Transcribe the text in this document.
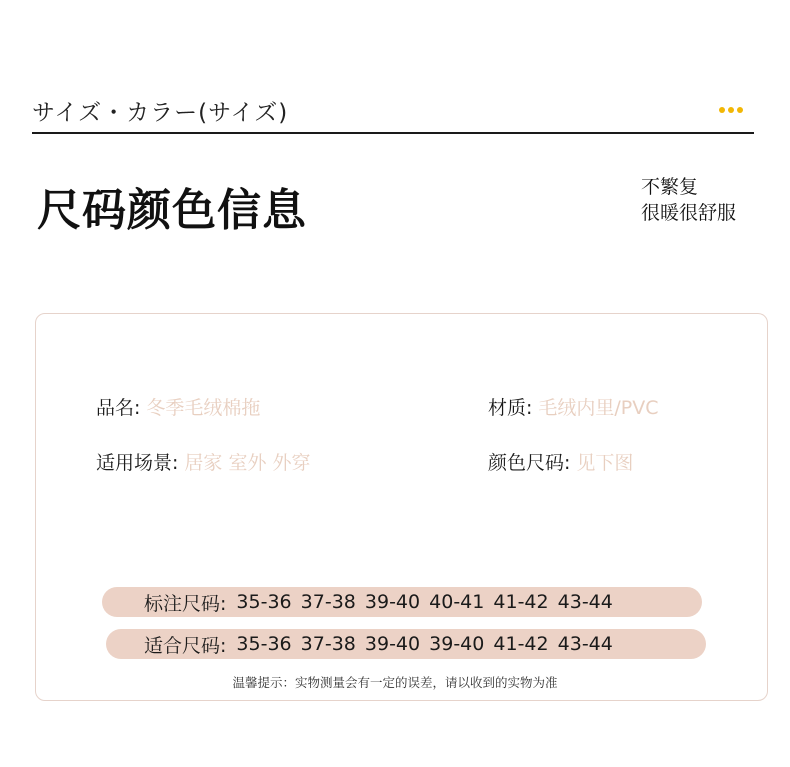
サイズ・カラー(サイズ)
尺码颜色信息	不繁复
很暖很舒服
品名: 冬季毛绒棉拖	材质: 毛绒内里/PVC
适用场景: 居家 室外 外穿	颜色尺码: 见下图
标注尺码: 35-36 37-38 39-40 40-41 41-42 43-44
适合尺码: 35-36 37-38 39-40 39-40 41-42 43-44
温馨提示：实物测量会有一定的误差，请以收到的实物为准
